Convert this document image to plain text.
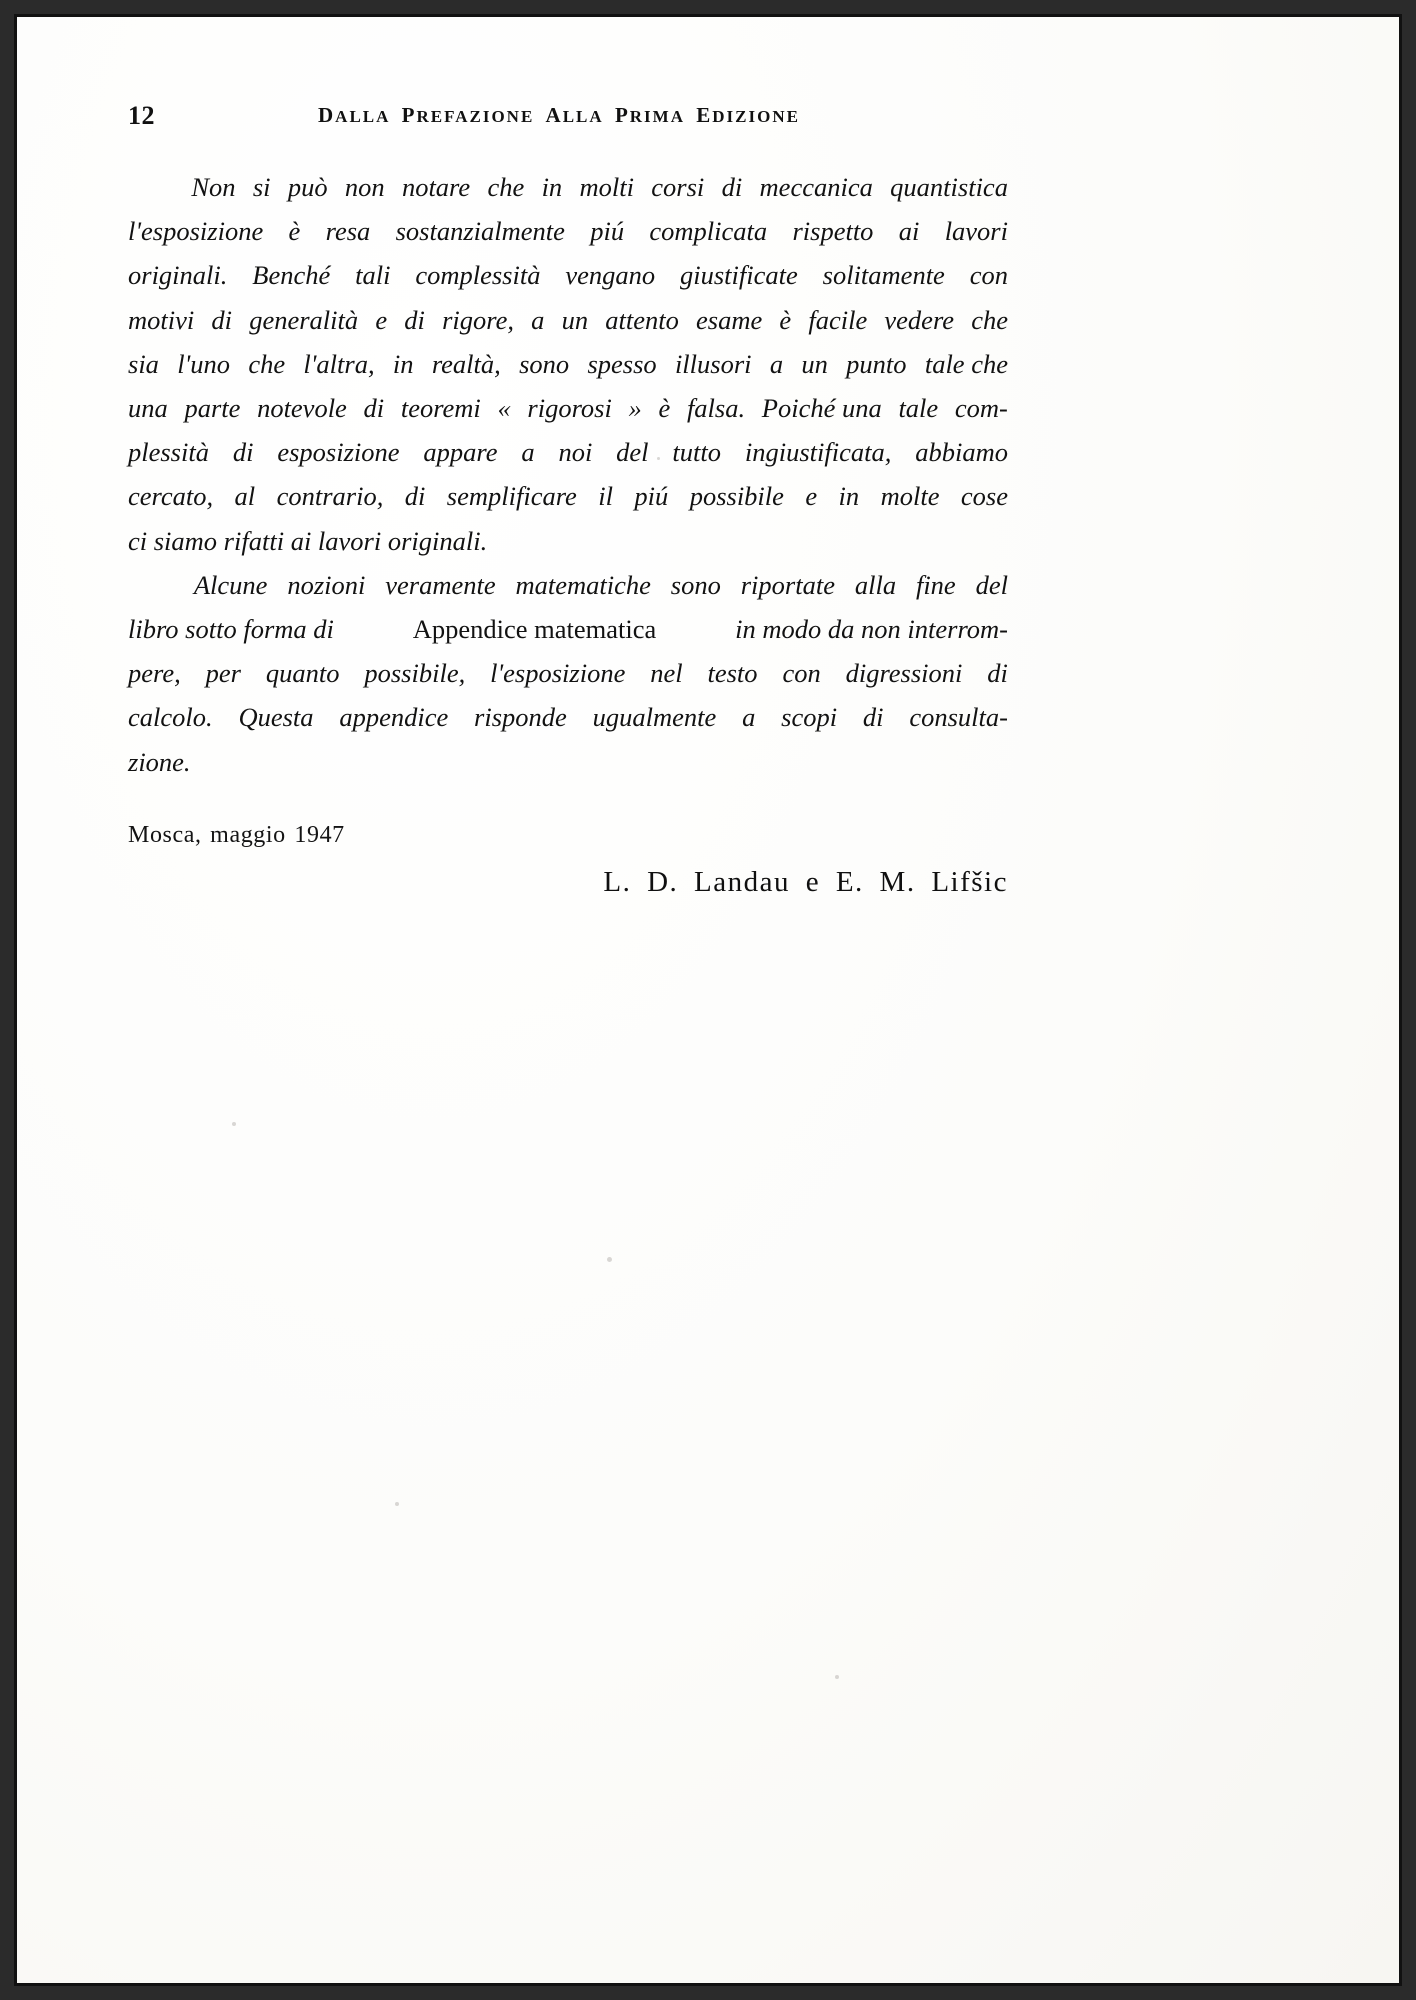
12	DALLA PREFAZIONE ALLA PRIMA EDIZIONE
Non si può non notare che in molti corsi di meccanica quantistica
l'esposizione è resa sostanzialmente piú complicata rispetto ai lavori
originali. Benché tali complessità vengano giustificate solitamente con
motivi di generalità e di rigore, a un attento esame è facile vedere che
sia l'uno che l'altra, in realtà, sono spesso illusori a un punto tale che
una parte notevole di teoremi « rigorosi » è falsa. Poiché una tale com-
plessità di esposizione appare a noi del tutto ingiustificata, abbiamo
cercato, al contrario, di semplificare il piú possibile e in molte cose
ci siamo rifatti ai lavori originali.
Alcune nozioni veramente matematiche sono riportate alla fine del
libro sotto forma di	Appendice matematica	in modo da non interrom-
pere, per quanto possibile, l'esposizione nel testo con digressioni di
calcolo. Questa appendice risponde ugualmente a scopi di consulta-
zione.
Mosca, maggio 1947
L. D. Landau e E. M. Lifšic
